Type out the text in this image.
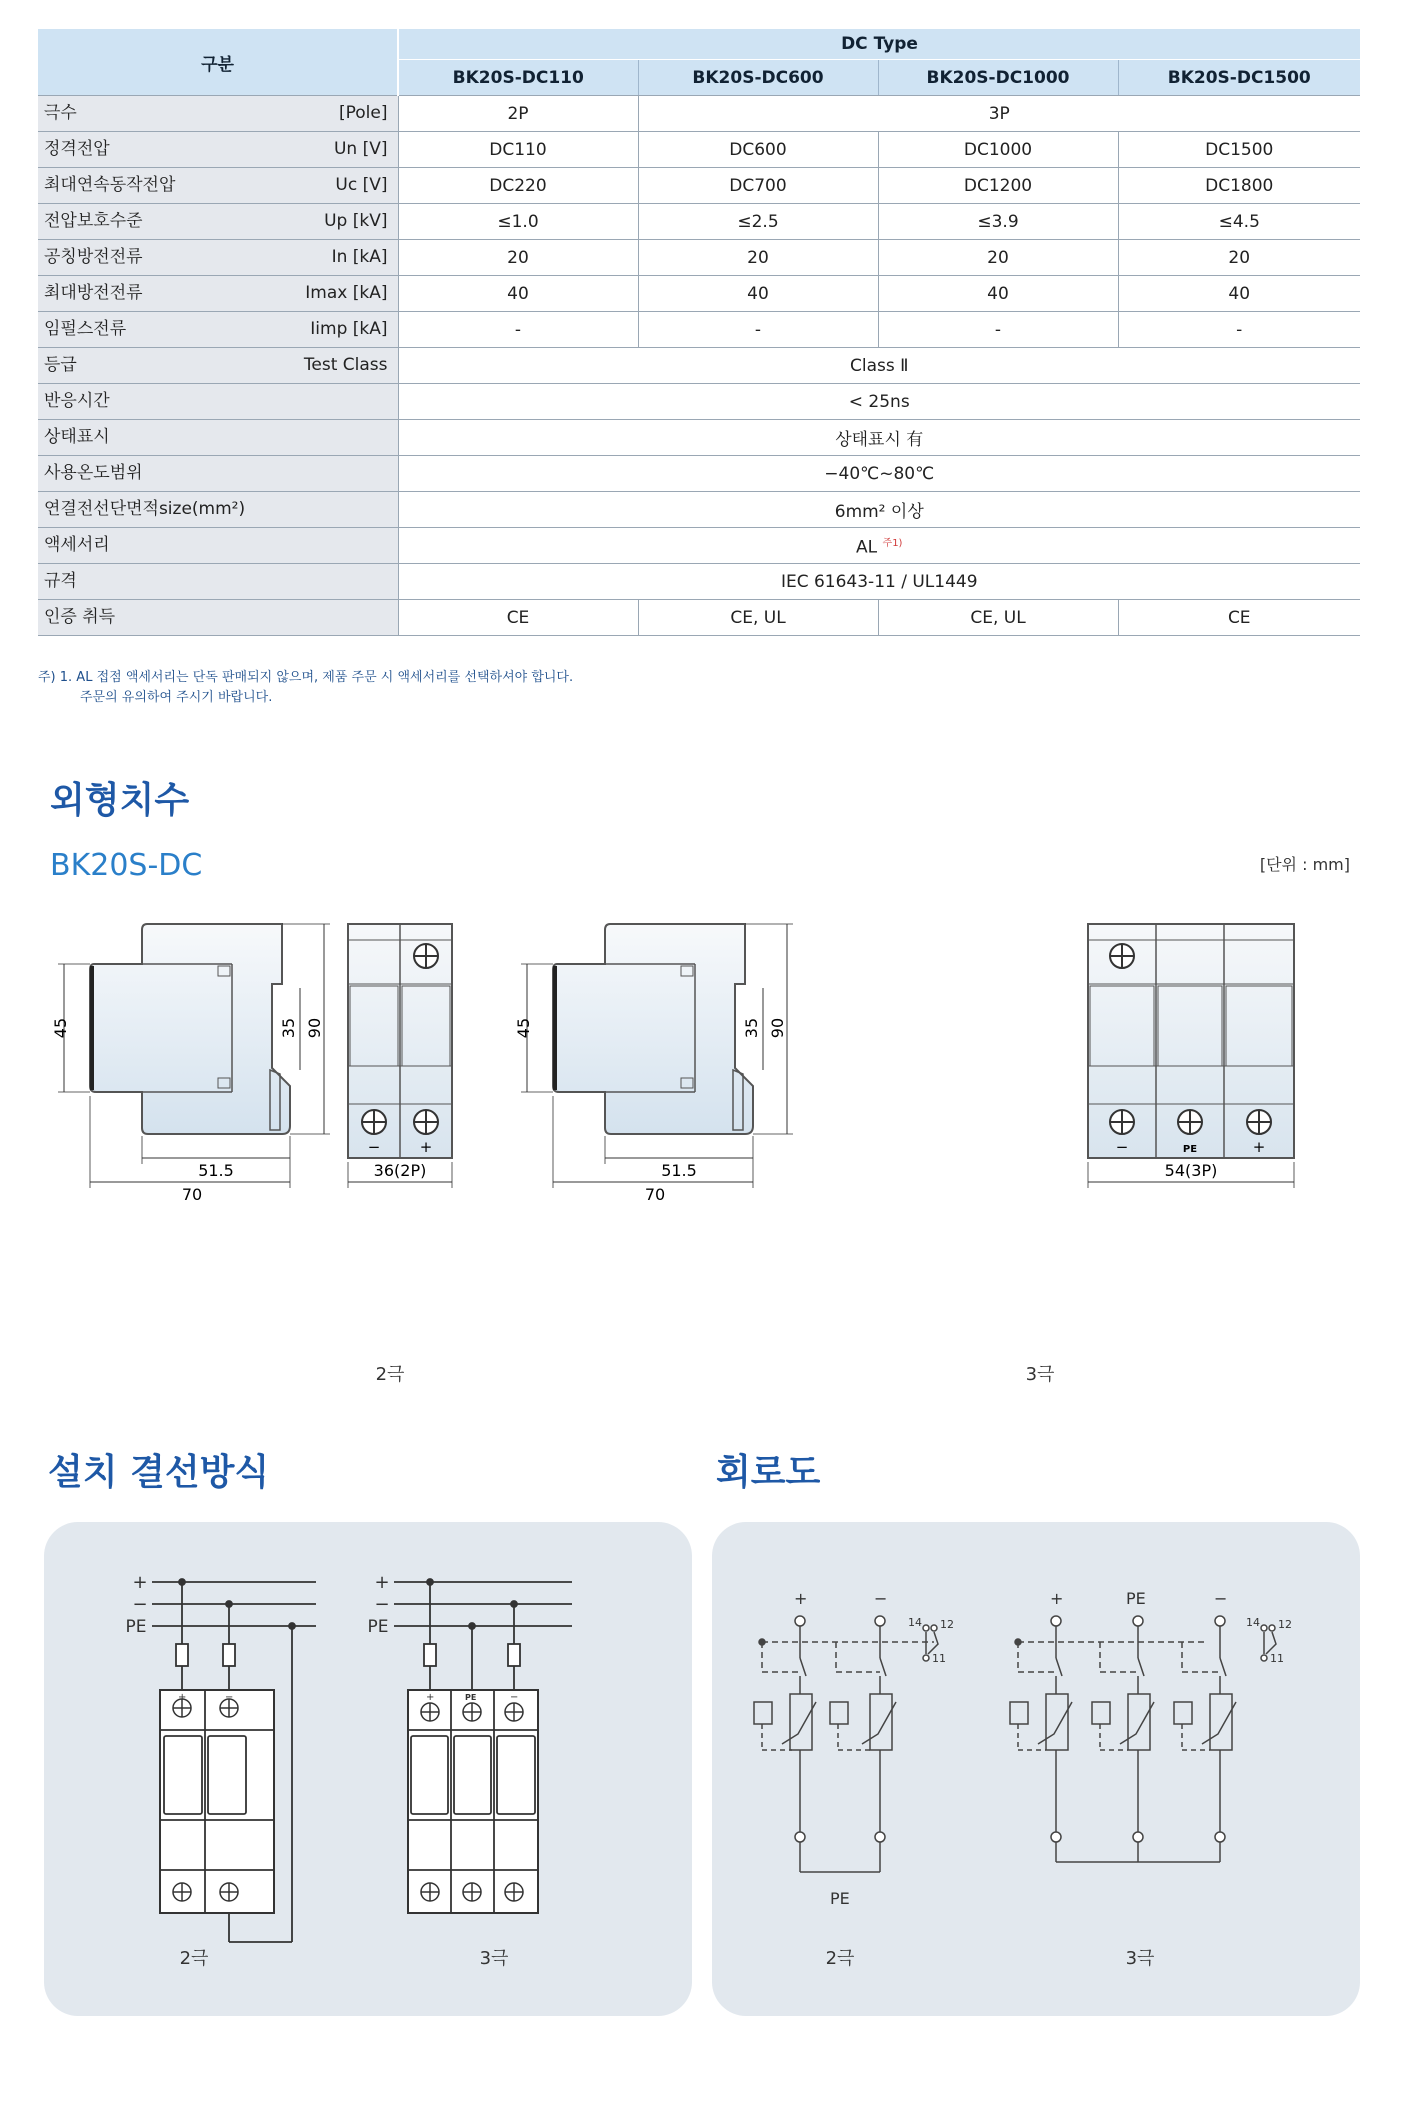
구분	DC Type			
	BK20S-DC110	BK20S-DC600	BK20S-DC1000	BK20S-DC1500

극수 [Pole]	2P	3P		

정격전압 Un [V]	DC110	DC600	DC1000	DC1500

최대연속동작전압 Uc [V]	DC220	DC700	DC1200	DC1800

전압보호수준 Up [kV]	≤1.0	≤2.5	≤3.9	≤4.5

공칭방전전류 In [kA]	20	20	20	20

최대방전전류 Imax [kA]	40	40	40	40

임펄스전류 Iimp [kA]	-	-	-	-

등급 Test Class	Class Ⅱ			

반응시간	< 25ns			

상태표시	상태표시 有			

사용온도범위	−40℃~80℃			

연결전선단면적size(mm²)	6mm² 이상			

액세서리	AL $^{주1)}$

규격	IEC 61643-11 / UL1449			

인증 취득	CE	CE, UL	CE, UL	CE
주) 1. AL 접점 액세서리는 단독 판매되지 않으며, 제품 주문 시 액세서리를 선택하셔야 합니다.
주문의 유의하여 주시기 바랍니다.
외형치수
BK20S-DC	[단위 : mm]
45	35 90
51.5
70
−	+
36(2P)
45	35 90
51.5
70
−	PE	+
54(3P)
2극	3극
설치 결선방식	회로도
+
−
PE
+
−
PE
+	−	+	PE	−
2극	3극
+	−	+	PE	−
PE
14 12
11
14 12
11
2극	3극
